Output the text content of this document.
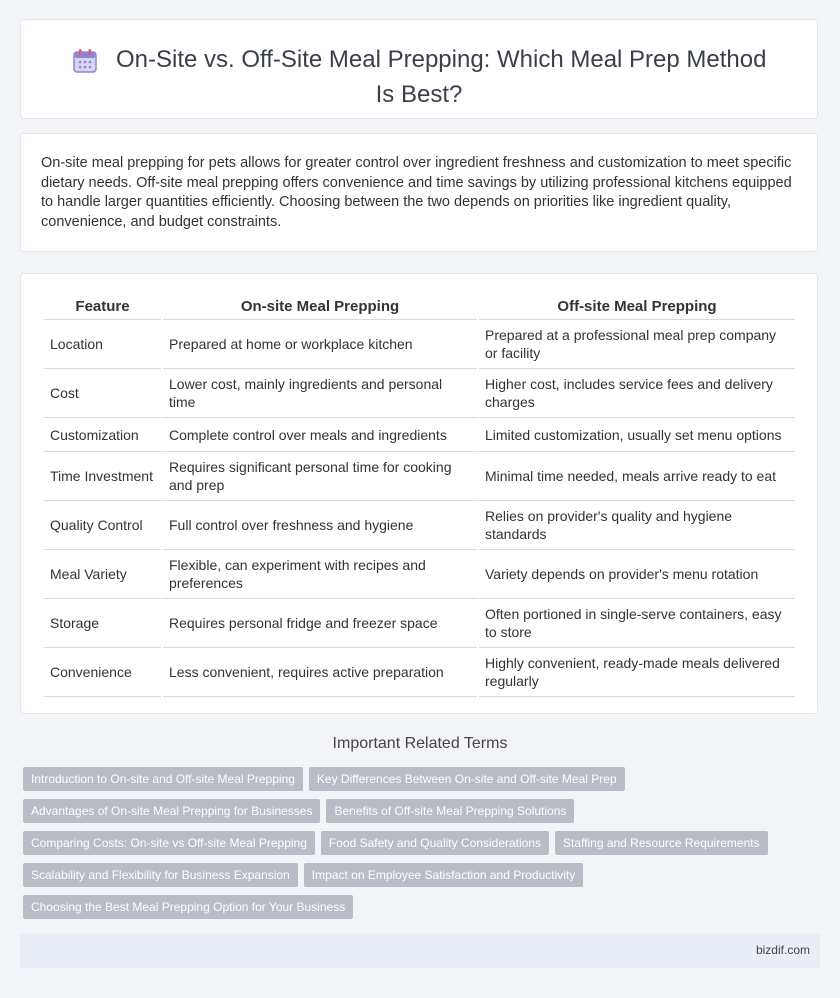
On-Site vs. Off-Site Meal Prepping: Which Meal Prep Method Is Best?

On-site meal prepping for pets allows for greater control over ingredient freshness and customization to meet specific dietary needs. Off-site meal prepping offers convenience and time savings by utilizing professional kitchens equipped to handle larger quantities efficiently. Choosing between the two depends on priorities like ingredient quality, convenience, and budget constraints.

Feature	On-site Meal Prepping	Off-site Meal Prepping
Location	Prepared at home or workplace kitchen	Prepared at a professional meal prep company or facility
Cost	Lower cost, mainly ingredients and personal time	Higher cost, includes service fees and delivery charges
Customization	Complete control over meals and ingredients	Limited customization, usually set menu options
Time Investment	Requires significant personal time for cooking and prep	Minimal time needed, meals arrive ready to eat
Quality Control	Full control over freshness and hygiene	Relies on provider's quality and hygiene standards
Meal Variety	Flexible, can experiment with recipes and preferences	Variety depends on provider's menu rotation
Storage	Requires personal fridge and freezer space	Often portioned in single-serve containers, easy to store
Convenience	Less convenient, requires active preparation	Highly convenient, ready-made meals delivered regularly
Important Related Terms
Introduction to On-site and Off-site Meal Prepping Key Differences Between On-site and Off-site Meal Prep
Advantages of On-site Meal Prepping for Businesses Benefits of Off-site Meal Prepping Solutions
Comparing Costs: On-site vs Off-site Meal Prepping Food Safety and Quality Considerations Staffing and Resource Requirements
Scalability and Flexibility for Business Expansion Impact on Employee Satisfaction and Productivity
Choosing the Best Meal Prepping Option for Your Business
bizdif.com
